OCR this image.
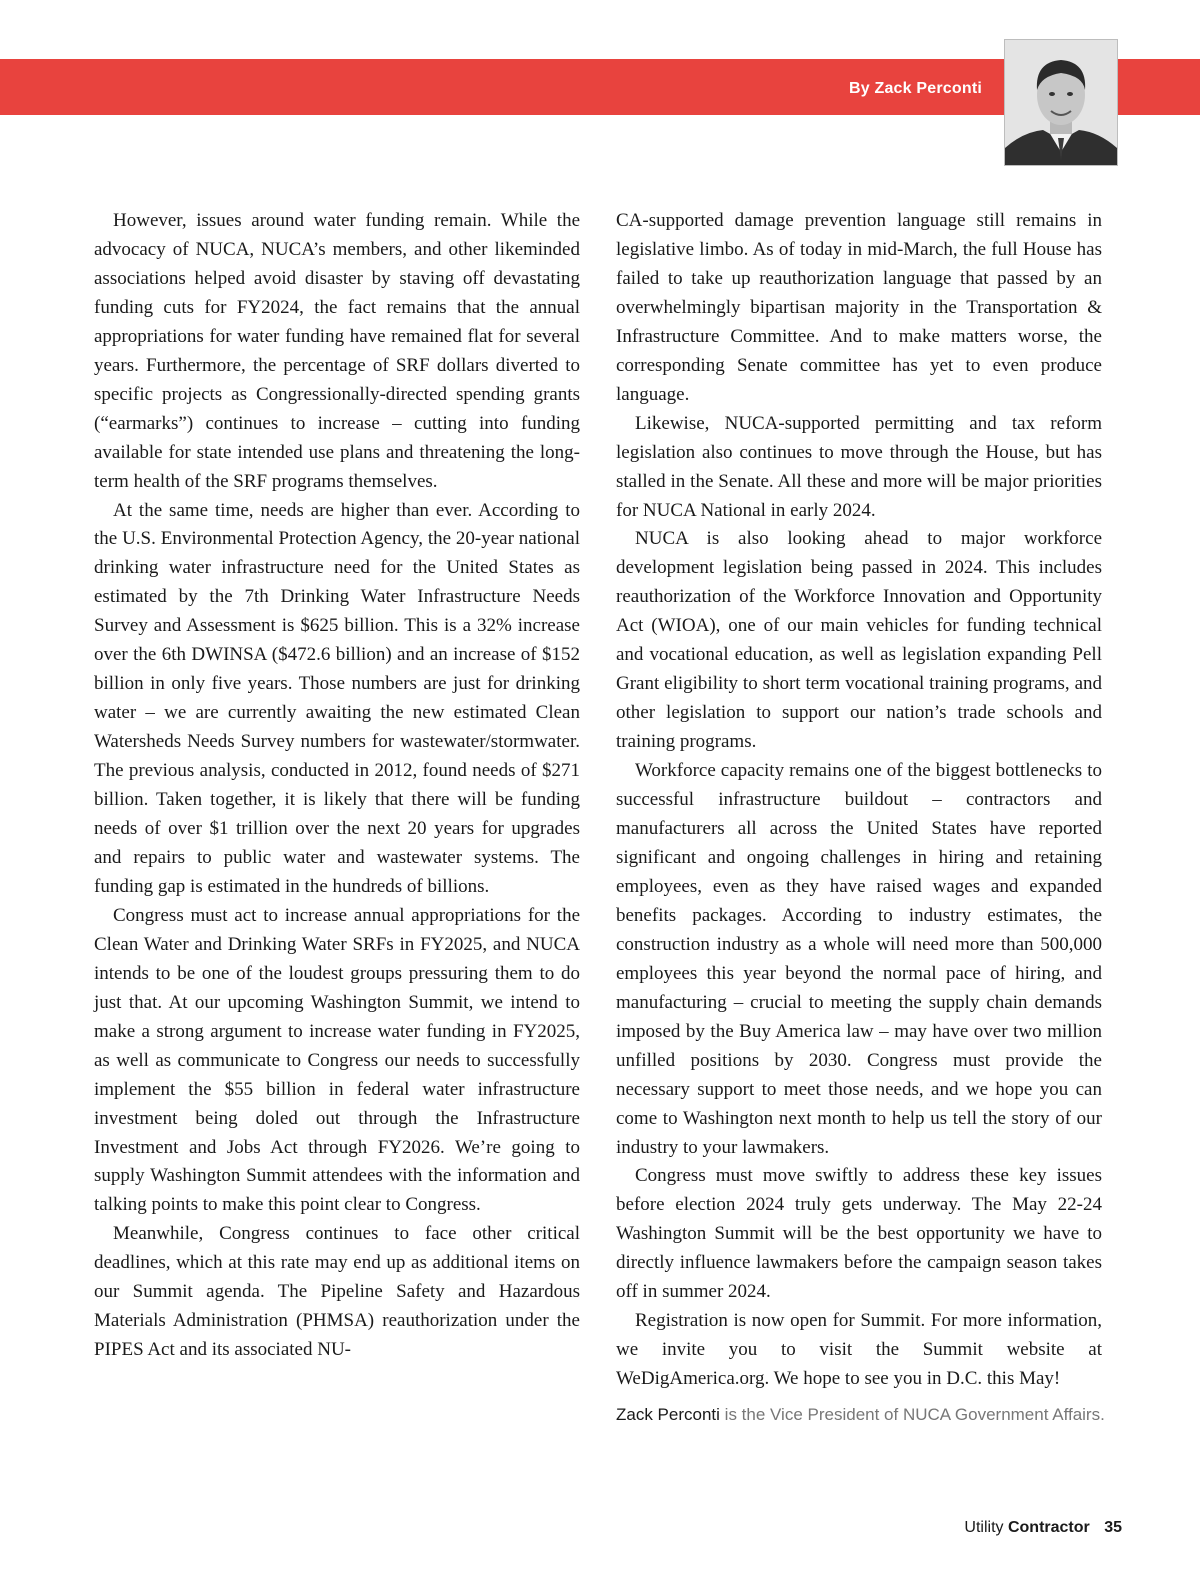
By Zack Perconti

However, issues around water funding remain. While the advocacy of NUCA, NUCA’s members, and other likeminded associations helped avoid disaster by staving off devastating funding cuts for FY2024, the fact remains that the annual appropriations for water funding have remained flat for several years. Furthermore, the percentage of SRF dollars diverted to specific projects as Congressionally-directed spending grants (“earmarks”) continues to increase – cutting into funding available for state intended use plans and threatening the long-term health of the SRF programs themselves.

At the same time, needs are higher than ever. According to the U.S. Environmental Protection Agency, the 20-year national drinking water infrastructure need for the United States as estimated by the 7th Drinking Water Infrastructure Needs Survey and Assessment is $625 billion. This is a 32% increase over the 6th DWINSA ($472.6 billion) and an increase of $152 billion in only five years. Those numbers are just for drinking water – we are currently awaiting the new estimated Clean Watersheds Needs Survey numbers for wastewater/stormwater. The previous analysis, conducted in 2012, found needs of $271 billion. Taken together, it is likely that there will be funding needs of over $1 trillion over the next 20 years for upgrades and repairs to public water and wastewater systems. The funding gap is estimated in the hundreds of billions.

Congress must act to increase annual appropriations for the Clean Water and Drinking Water SRFs in FY2025, and NUCA intends to be one of the loudest groups pressuring them to do just that. At our upcoming Washington Summit, we intend to make a strong argument to increase water funding in FY2025, as well as communicate to Congress our needs to successfully implement the $55 billion in federal water infrastructure investment being doled out through the Infrastructure Investment and Jobs Act through FY2026. We’re going to supply Washington Summit attendees with the information and talking points to make this point clear to Congress.

Meanwhile, Congress continues to face other critical deadlines, which at this rate may end up as additional items on our Summit agenda. The Pipeline Safety and Hazardous Materials Administration (PHMSA) reauthorization under the PIPES Act and its associated NU-

CA-supported damage prevention language still remains in legislative limbo. As of today in mid-March, the full House has failed to take up reauthorization language that passed by an overwhelmingly bipartisan majority in the Transportation & Infrastructure Committee. And to make matters worse, the corresponding Senate committee has yet to even produce language.

Likewise, NUCA-supported permitting and tax reform legislation also continues to move through the House, but has stalled in the Senate. All these and more will be major priorities for NUCA National in early 2024.

NUCA is also looking ahead to major workforce development legislation being passed in 2024. This includes reauthorization of the Workforce Innovation and Opportunity Act (WIOA), one of our main vehicles for funding technical and vocational education, as well as legislation expanding Pell Grant eligibility to short term vocational training programs, and other legislation to support our nation’s trade schools and training programs.

Workforce capacity remains one of the biggest bottlenecks to successful infrastructure buildout – contractors and manufacturers all across the United States have reported significant and ongoing challenges in hiring and retaining employees, even as they have raised wages and expanded benefits packages. According to industry estimates, the construction industry as a whole will need more than 500,000 employees this year beyond the normal pace of hiring, and manufacturing – crucial to meeting the supply chain demands imposed by the Buy America law – may have over two million unfilled positions by 2030. Congress must provide the necessary support to meet those needs, and we hope you can come to Washington next month to help us tell the story of our industry to your lawmakers.

Congress must move swiftly to address these key issues before election 2024 truly gets underway. The May 22-24 Washington Summit will be the best opportunity we have to directly influence lawmakers before the campaign season takes off in summer 2024.

Registration is now open for Summit. For more information, we invite you to visit the Summit website at WeDigAmerica.org. We hope to see you in D.C. this May!

Zack Perconti is the Vice President of NUCA Government Affairs.
Utility Contractor 35
